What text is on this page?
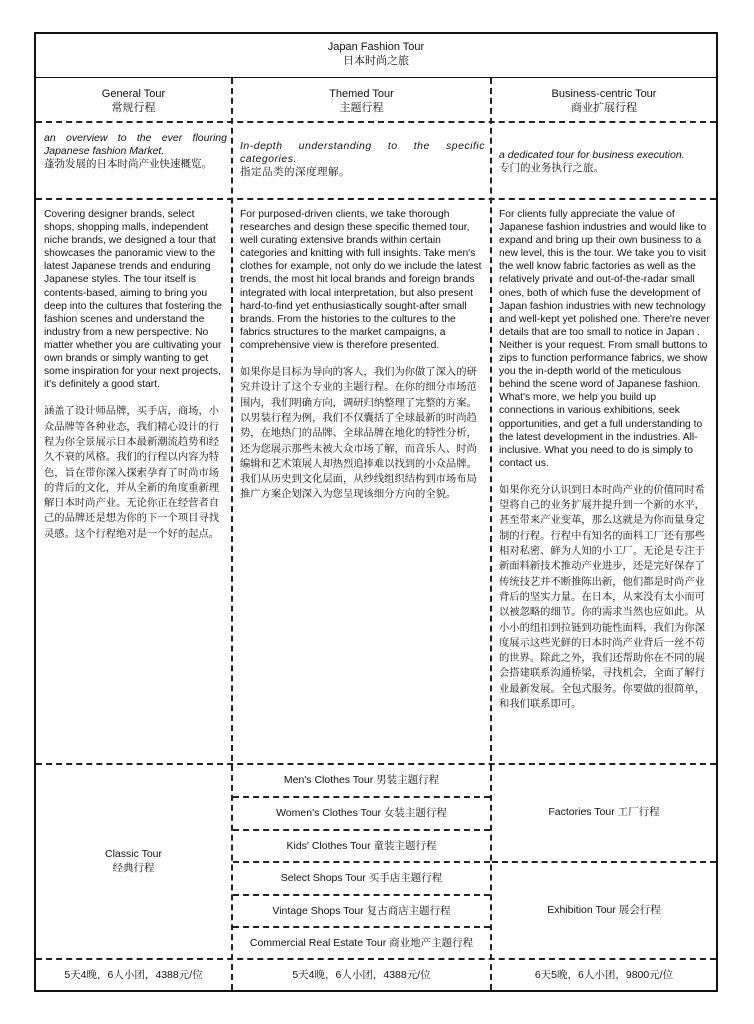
Japan Fashion Tour
日本时尚之旅
General Tour
常规行程
Themed Tour
主题行程
Business-centric Tour
商业扩展行程
an overview to the ever flouring Japanese fashion Market.
蓬勃发展的日本时尚产业快速概览。
In-depth understanding to the specific categories.
指定品类的深度理解。
a dedicated tour for business execution.
专门的业务执行之旅。

Covering designer brands, select shops, shopping malls, independent niche brands, we designed a tour that showcases the panoramic view to the latest Japanese trends and enduring Japanese styles. The tour itself is contents-based, aiming to bring you deep into the cultures that fostering the fashion scenes and understand the industry from a new perspective. No matter whether you are cultivating your own brands or simply wanting to get some inspiration for your next projects, it's definitely a good start.

涵盖了设计师品牌，买手店，商场，小众品牌等各种业态，我们精心设计的行程为你全景展示日本最新潮流趋势和经久不衰的风格。我们的行程以内容为特色，旨在带你深入探索孕育了时尚市场的背后的文化，并从全新的角度重新理解日本时尚产业。无论你正在经营者自己的品牌还是想为你的下一个项目寻找灵感。这个行程绝对是一个好的起点。

For purposed-driven clients, we take thorough researches and design these specific themed tour, well curating extensive brands within certain categories and knitting with full insights. Take men's clothes for example, not only do we include the latest trends, the most hit local brands and foreign brands integrated with local interpretation, but also present hard-to-find yet enthusiastically sought-after small brands. From the histories to the cultures to the fabrics structures to the market campaigns, a comprehensive view is therefore presented.

如果你是目标为导向的客人，我们为你做了深入的研究并设计了这个专业的主题行程。在你的细分市场范围内，我们明确方向，调研归纳整理了完整的方案。以男装行程为例，我们不仅囊括了全球最新的时尚趋势，在地热门的品牌、全球品牌在地化的特性分析，还为您展示那些未被大众市场了解，而音乐人、时尚编辑和艺术策展人却热烈追捧难以找到的小众品牌。我们从历史到文化层面，从纱线组织结构到市场布局推广方案企划深入为您呈现该细分方向的全貌。

For clients fully appreciate the value of Japanese fashion industries and would like to expand and bring up their own business to a new level, this is the tour. We take you to visit the well know fabric factories as well as the relatively private and out-of-the-radar small ones, both of which fuse the development of Japan fashion industries with new technology and well-kept yet polished one. There're never details that are too small to notice in Japan . Neither is your request. From small buttons to zips to function performance fabrics, we show you the in-depth world of the meticulous behind the scene word of Japanese fashion. What's more, we help you build up connections in various exhibitions, seek opportunities, and get a full understanding to the latest development in the industries. All-inclusive. What you need to do is simply to contact us.

如果你充分认识到日本时尚产业的价值同时希望将自己的业务扩展并提升到一个新的水平，甚至带来产业变革，那么这就是为你而量身定制的行程。行程中有知名的面料工厂还有那些相对私密、鲜为人知的小工厂。无论是专注于新面料新技术推动产业进步，还是完好保存了传统技艺并不断推陈出新，他们都是时尚产业背后的坚实力量。在日本，从来没有太小而可以被忽略的细节。你的需求当然也应如此。从小小的纽扣到拉链到功能性面料，我们为你深度展示这些光鲜的日本时尚产业背后一丝不苟的世界。除此之外，我们还帮助你在不同的展会搭建联系沟通桥梁，寻找机会，全面了解行业最新发展。全包式服务。你要做的很简单，和我们联系即可。

Classic Tour
经典行程
Men's Clothes Tour 男装主题行程
Women's Clothes Tour 女装主题行程
Kids' Clothes Tour 童装主题行程
Select Shops Tour 买手店主题行程
Vintage Shops Tour 复古商店主题行程
Commercial Real Estate Tour 商业地产主题行程
Factories Tour 工厂行程
Exhibition Tour 展会行程
5天4晚，6人小团，4388元/位	5天4晚，6人小团，4388元/位	6天5晚，6人小团，9800元/位
